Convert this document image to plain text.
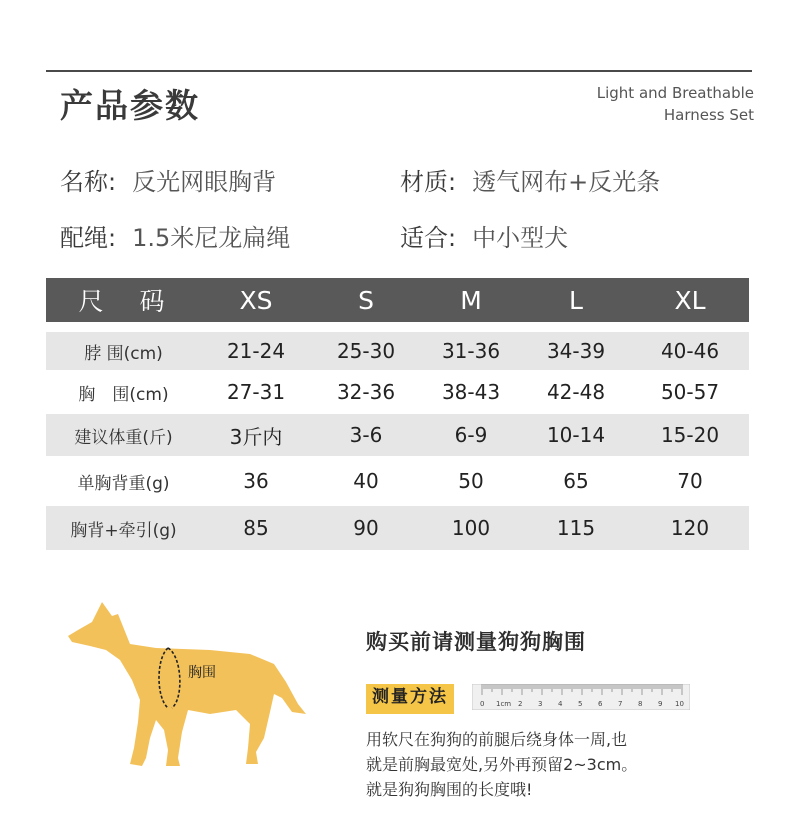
产品参数	Light and Breathable
Harness Set
名称: 反光网眼胸背	材质: 透气网布+反光条
配绳: 1.5米尼龙扁绳	适合: 中小型犬
尺 码	XS	S	M	L	XL
脖 围(cm)	21-24	25-30	31-36	34-39	40-46
胸　围(cm)	27-31	32-36	38-43	42-48	50-57
建议体重(斤)	3斤内	3-6	6-9	10-14	15-20
单胸背重(g)	36	40	50	65	70
胸背+牵引(g)	85	90	100	115	120
胸围
购买前请测量狗狗胸围
测量方法	0 1cm 2 3 4 5 6 7 8 9 10
用软尺在狗狗的前腿后绕身体一周,也
就是前胸最宽处,另外再预留2~3cm。
就是狗狗胸围的长度哦!
